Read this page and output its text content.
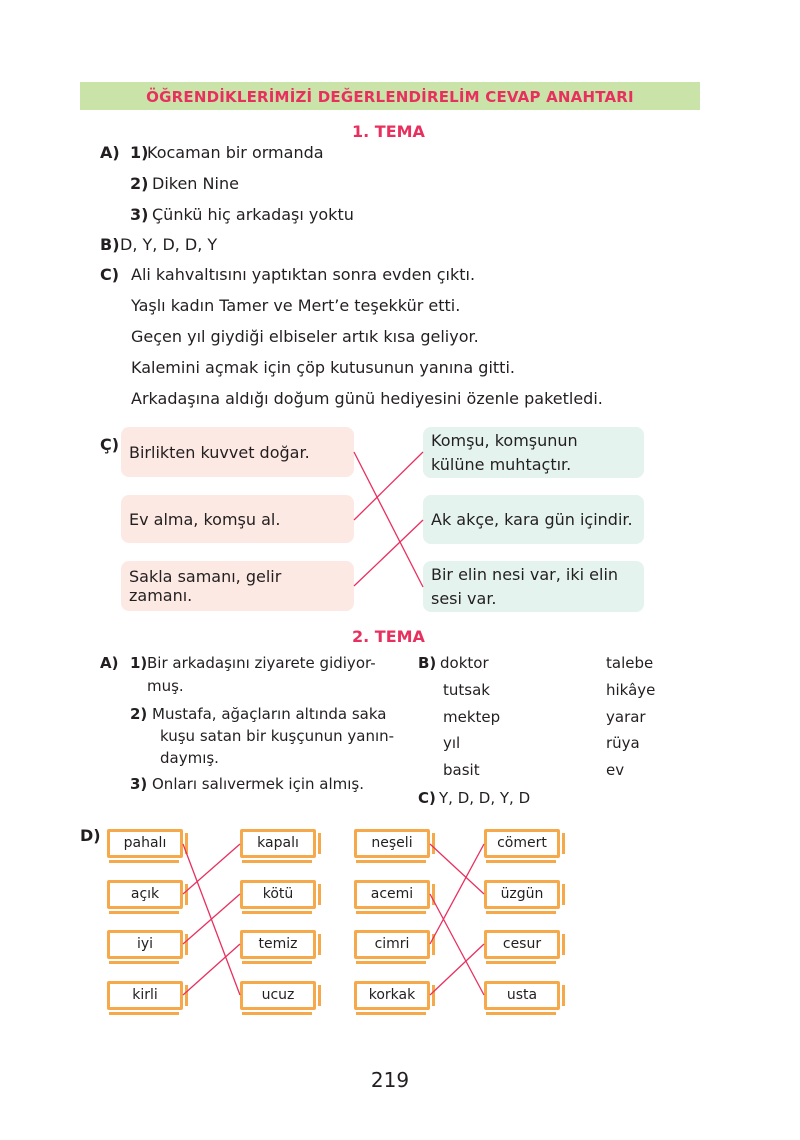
ÖĞRENDİKLERİMİZİ DEĞERLENDİRELİM CEVAP ANAHTARI
1. TEMA
A) 1)
Kocaman bir ormanda
2) Diken Nine
3) Çünkü hiç arkadaşı yoktu
B) D, Y, D, D, Y
C) Ali kahvaltısını yaptıktan sonra evden çıktı.
Yaşlı kadın Tamer ve Mert’e teşekkür etti.
Geçen yıl giydiği elbiseler artık kısa geliyor.
Kalemini açmak için çöp kutusunun yanına gitti.
Arkadaşına aldığı doğum günü hediyesini özenle paketledi.
Ç) Birlikten kuvvet doğar.
Ev alma, komşu al.
Sakla samanı, gelir zamanı.
Komşu, komşunun külüne muhtaçtır.
Ak akçe, kara gün içindir.
Bir elin nesi var, iki elin sesi var.
2. TEMA
A) 1) Bir arkadaşını ziyarete gidiyor-
muş.
2) Mustafa, ağaçların altında saka
kuşu satan bir kuşçunun yanın-
daymış.
3) Onları salıvermek için almış.
B) doktor
tutsak
mektep
yıl
basit
talebe
hikâye
yarar
rüya
ev
C) Y, D, D, Y, D
D)	pahalı
açık
iyi
kirli
kapalı
kötü
temiz
ucuz
neşeli
acemi
cimri
korkak
cömert
üzgün
cesur
usta
219
